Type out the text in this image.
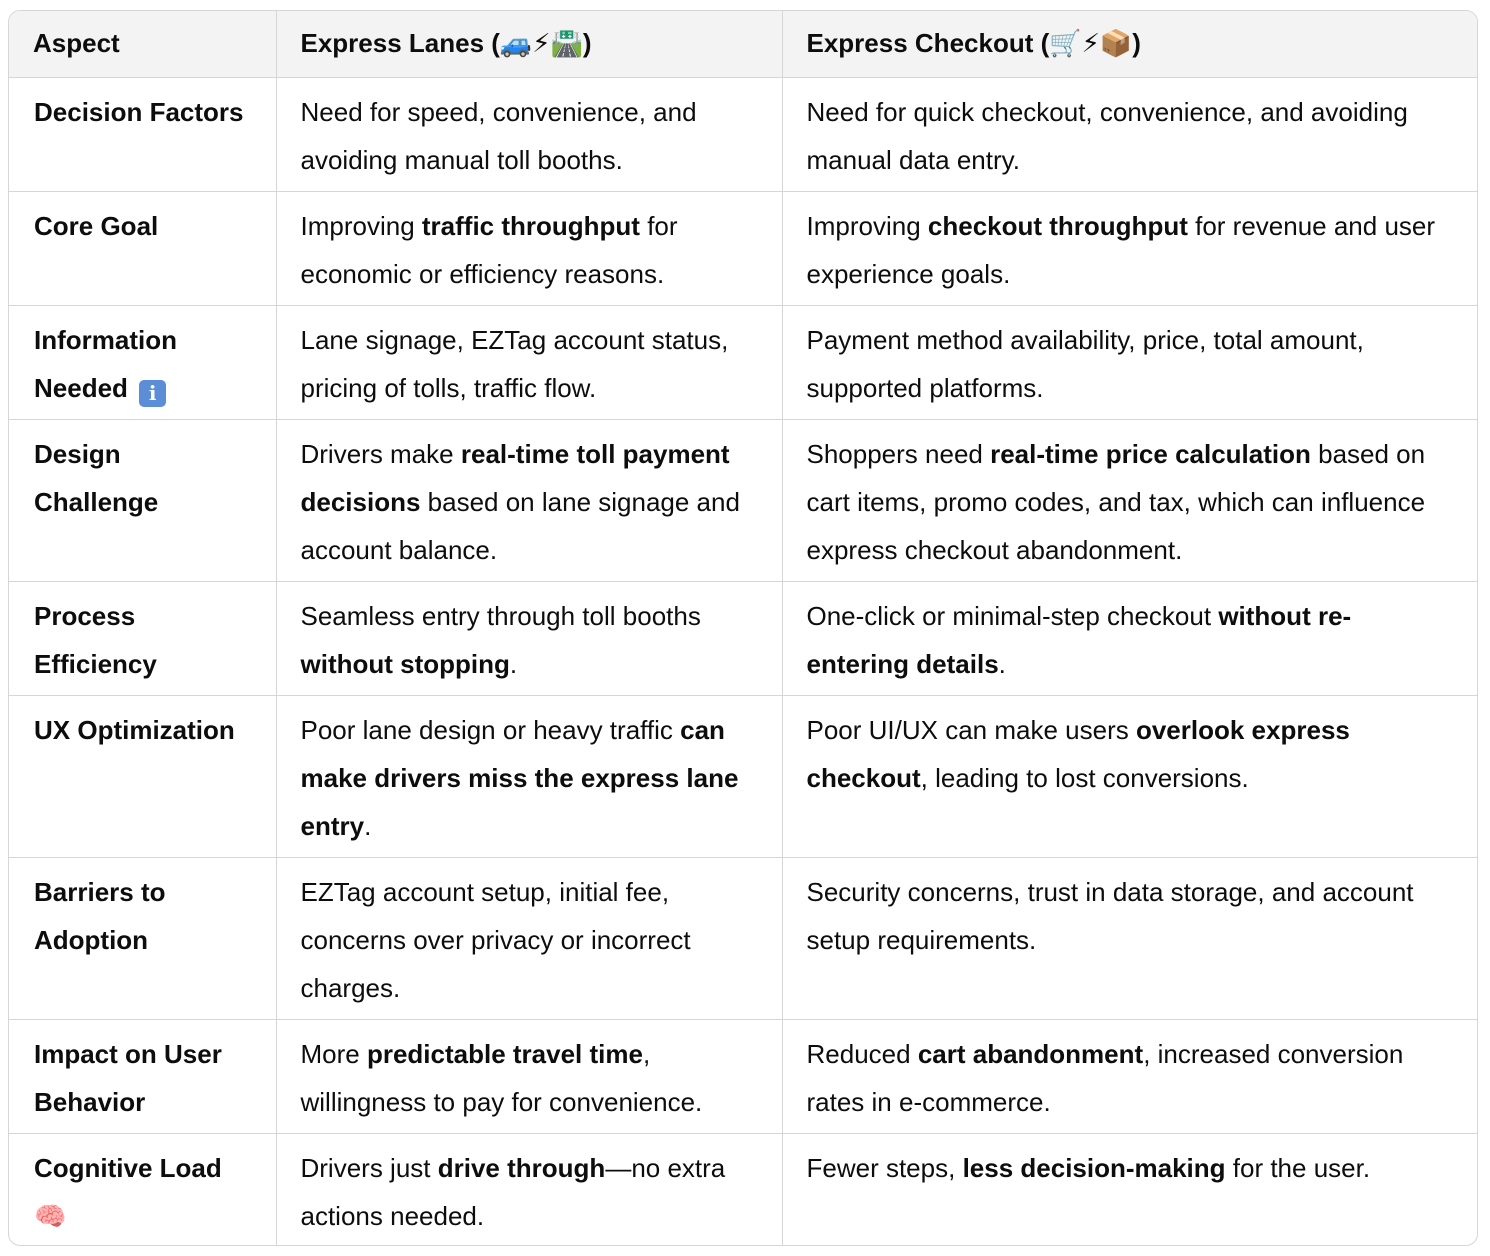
Aspect	Express Lanes (🚙⚡🛣️)	Express Checkout (🛒⚡📦)
Decision Factors	Need for speed, convenience, and avoiding manual toll booths.	Need for quick checkout, convenience, and avoiding manual data entry.
Core Goal	Improving traffic throughput for economic or efficiency reasons.	Improving checkout throughput for revenue and user experience goals.
Information Needed i	Lane signage, EZTag account status, pricing of tolls, traffic flow.	Payment method availability, price, total amount, supported platforms.
Design Challenge	Drivers make real-time toll payment decisions based on lane signage and account balance.	Shoppers need real-time price calculation based on cart items, promo codes, and tax, which can influence express checkout abandonment.
Process Efficiency	Seamless entry through toll booths without stopping.	One-click or minimal-step checkout without re-entering details.
UX Optimization	Poor lane design or heavy traffic can make drivers miss the express lane entry.	Poor UI/UX can make users overlook express checkout, leading to lost conversions.
Barriers to Adoption	EZTag account setup, initial fee, concerns over privacy or incorrect charges.	Security concerns, trust in data storage, and account setup requirements.
Impact on User Behavior	More predictable travel time, willingness to pay for convenience.	Reduced cart abandonment, increased conversion rates in e-commerce.
Cognitive Load 🧠	Drivers just drive through—no extra actions needed.	Fewer steps, less decision-making for the user.
